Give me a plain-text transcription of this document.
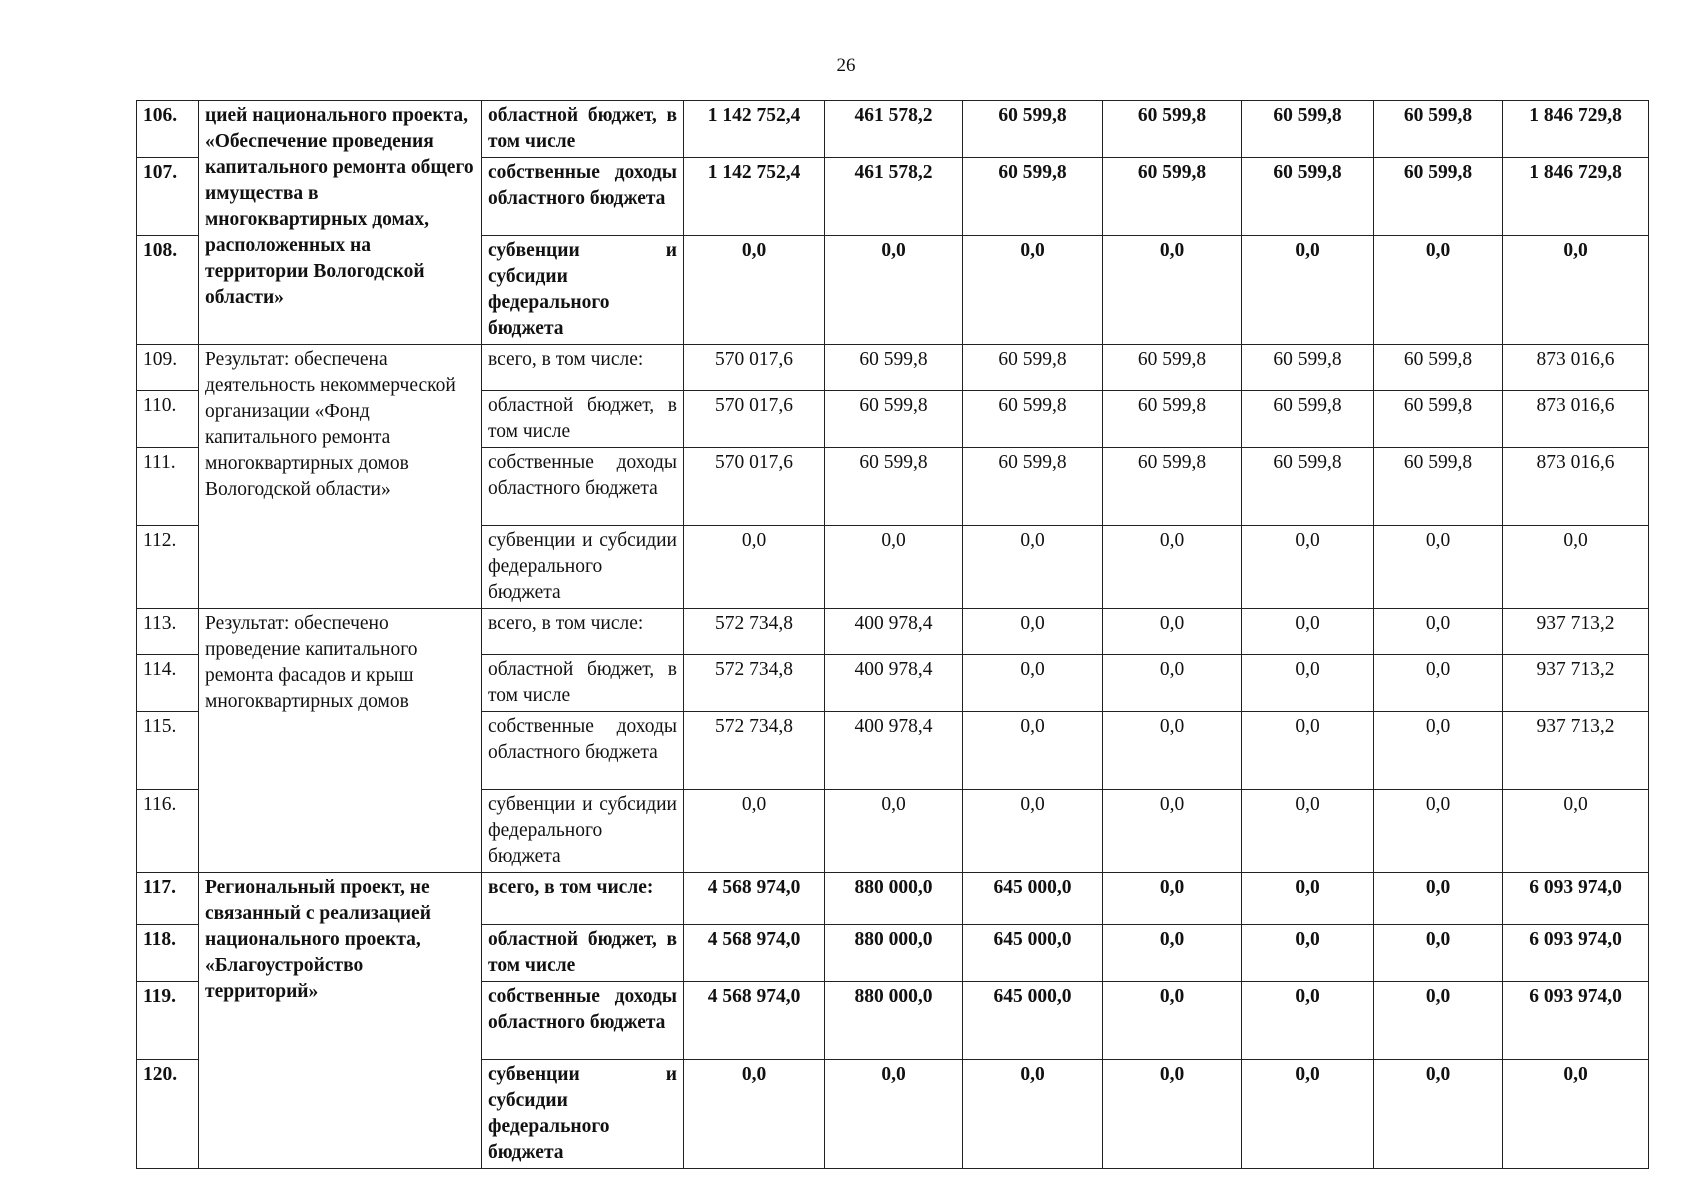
26
106.	цией национального проекта, «Обеспечение проведения капитального ремонта общего имущества в многоквартирных домах, расположенных на территории Вологодской области»	областной бюджет, в том числе	1 142 752,4	461 578,2	60 599,8	60 599,8	60 599,8	60 599,8	1 846 729,8
107.		собственные доходы областного бюджета	1 142 752,4	461 578,2	60 599,8	60 599,8	60 599,8	60 599,8	1 846 729,8
108.		субвенции и субсидии федерального бюджета	0,0	0,0	0,0	0,0	0,0	0,0	0,0
109.	Результат: обеспечена деятельность некоммерческой организации «Фонд капитального ремонта многоквартирных домов Вологодской области»	всего, в том числе:	570 017,6	60 599,8	60 599,8	60 599,8	60 599,8	60 599,8	873 016,6
110.		областной бюджет, в том числе	570 017,6	60 599,8	60 599,8	60 599,8	60 599,8	60 599,8	873 016,6
111.		собственные доходы областного бюджета	570 017,6	60 599,8	60 599,8	60 599,8	60 599,8	60 599,8	873 016,6
112.		субвенции и субсидии федерального бюджета	0,0	0,0	0,0	0,0	0,0	0,0	0,0
113.	Результат: обеспечено проведение капитального ремонта фасадов и крыш многоквартирных домов	всего, в том числе:	572 734,8	400 978,4	0,0	0,0	0,0	0,0	937 713,2
114.		областной бюджет, в том числе	572 734,8	400 978,4	0,0	0,0	0,0	0,0	937 713,2
115.		собственные доходы областного бюджета	572 734,8	400 978,4	0,0	0,0	0,0	0,0	937 713,2
116.		субвенции и субсидии федерального бюджета	0,0	0,0	0,0	0,0	0,0	0,0	0,0
117.	Региональный проект, не связанный с реализацией национального проекта, «Благоустройство территорий»	всего, в том числе:	4 568 974,0	880 000,0	645 000,0	0,0	0,0	0,0	6 093 974,0
118.		областной бюджет, в том числе	4 568 974,0	880 000,0	645 000,0	0,0	0,0	0,0	6 093 974,0
119.		собственные доходы областного бюджета	4 568 974,0	880 000,0	645 000,0	0,0	0,0	0,0	6 093 974,0
120.		субвенции и субсидии федерального бюджета	0,0	0,0	0,0	0,0	0,0	0,0	0,0
